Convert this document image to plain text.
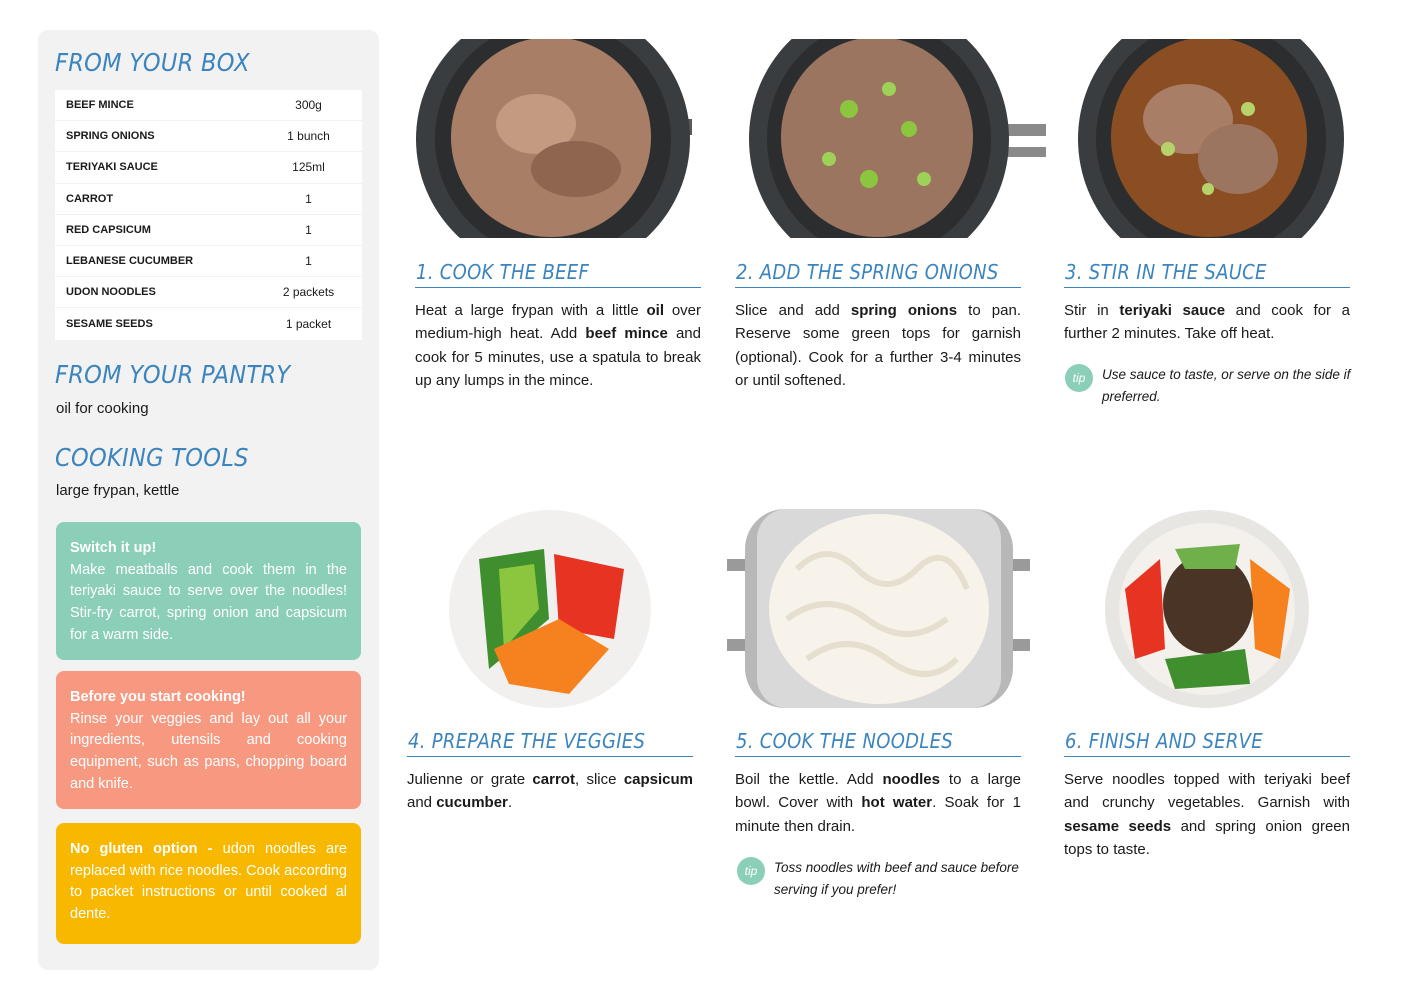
FROM YOUR BOX
BEEF MINCE	300g
SPRING ONIONS	1 bunch
TERIYAKI SAUCE	125ml
CARROT	1
RED CAPSICUM	1
LEBANESE CUCUMBER	1
UDON NOODLES	2 packets
SESAME SEEDS	1 packet
FROM YOUR PANTRY
oil for cooking
COOKING TOOLS
large frypan, kettle
Switch it up!
Make meatballs and cook them in the teriyaki sauce to serve over the noodles! Stir-fry carrot, spring onion and capsicum for a warm side.
Before you start cooking!
Rinse your veggies and lay out all your ingredients, utensils and cooking equipment, such as pans, chopping board and knife.
No gluten option - udon noodles are replaced with rice noodles. Cook according to packet instructions or until cooked al dente.
1. COOK THE BEEF
Heat a large frypan with a little oil over medium-high heat. Add beef mince and cook for 5 minutes, use a spatula to break up any lumps in the mince.
2. ADD THE SPRING ONIONS
Slice and add spring onions to pan. Reserve some green tops for garnish (optional). Cook for a further 3-4 minutes or until softened.
3. STIR IN THE SAUCE
Stir in teriyaki sauce and cook for a further 2 minutes. Take off heat.
tip	Use sauce to taste, or serve on the side if preferred.
4. PREPARE THE VEGGIES
Julienne or grate carrot, slice capsicum and cucumber.
5. COOK THE NOODLES
Boil the kettle. Add noodles to a large bowl. Cover with hot water. Soak for 1 minute then drain.
tip	Toss noodles with beef and sauce before serving if you prefer!
6. FINISH AND SERVE
Serve noodles topped with teriyaki beef and crunchy vegetables. Garnish with sesame seeds and spring onion green tops to taste.
